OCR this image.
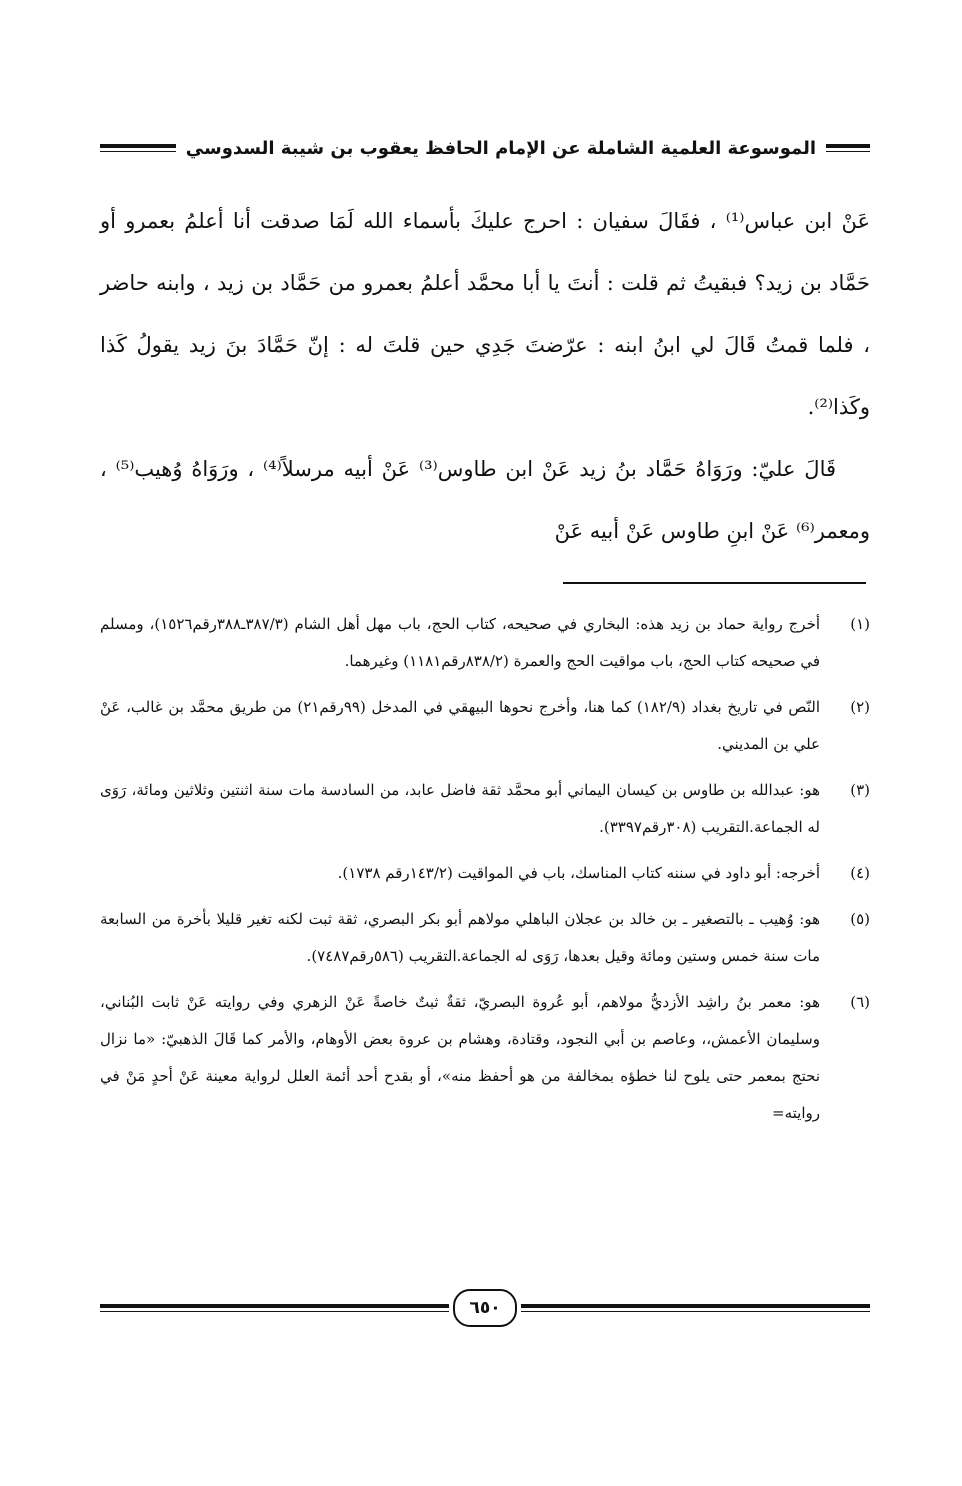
الموسوعة العلمية الشاملة عن الإمام الحافظ يعقوب بن شيبة السدوسي

عَنْ ابن عباس⁽¹⁾ ، فقَالَ سفيان : احرج عليكَ بأسماء الله لَمَا صدقت أنا أعلمُ بعمرو أو حَمَّاد بن زيد؟ فبقيتُ ثم قلت : أنتَ يا أبا محمَّد أعلمُ بعمرو من حَمَّاد بن زيد ، وابنه حاضر ، فلما قمتُ قَالَ لي ابنُ ابنه : عرّضتَ جَدِي حين قلتَ له : إنّ حَمَّادَ بنَ زيد يقولُ كَذا وكَذا⁽²⁾.

قَالَ عليّ: ورَوَاهُ حَمَّاد بنُ زيد عَنْ ابن طاوس⁽³⁾ عَنْ أبيه مرسلاً⁽⁴⁾ ، ورَوَاهُ وُهيب⁽⁵⁾ ، ومعمر⁽⁶⁾ عَنْ ابنِ طاوس عَنْ أبيه عَنْ

(١)
أخرج رواية حماد بن زيد هذه: البخاري في صحيحه، كتاب الحج، باب مهل أهل الشام (٣٨٧/٣ـ٣٨٨رقم١٥٢٦)، ومسلم في صحيحه كتاب الحج، باب مواقيت الحج والعمرة (٨٣٨/٢رقم١١٨١) وغيرهما.
(٢)
النّص في تاريخ بغداد (١٨٢/٩) كما هنا، وأخرج نحوها البيهقي في المدخل (٩٩رقم٢١) من طريق محمَّد بن غالب، عَنْ علي بن المديني.
(٣)
هو: عبدالله بن طاوس بن كيسان اليماني أبو محمَّد ثقة فاضل عابد، من السادسة مات سنة اثنتين وثلاثين ومائة، رَوَى له الجماعة.التقريب (٣٠٨رقم٣٣٩٧).
(٤)
أخرجه: أبو داود في سننه كتاب المناسك، باب في المواقيت (١٤٣/٢رقم ١٧٣٨).
(٥)
هو: وُهيب ـ بالتصغير ـ بن خالد بن عجلان الباهلي مولاهم أبو بكر البصري، ثقة ثبت لكنه تغير قليلا بأخرة من السابعة مات سنة خمس وستين ومائة وقيل بعدها، رَوَى له الجماعة.التقريب (٥٨٦رقم٧٤٨٧).
(٦)
هو: معمر بنُ راشِد الأزديُّ مولاهم، أبو عُروة البصريّ، ثقةٌ ثبتٌ خاصةً عَنْ الزهري وفي روايته عَنْ ثابت البُناني، وسليمان الأعمش،، وعاصم بن أبي النجود، وقتادة، وهشام بن عروة بعض الأوهام، والأمر كما قَالَ الذهبيّ: «ما نزال نحتج بمعمر حتى يلوح لنا خطؤه بمخالفة من هو أحفظ منه»، أو بقدح أحد أئمة العلل لرواية معينة عَنْ أحدٍ مَنْ في روايته=
٦٥٠
